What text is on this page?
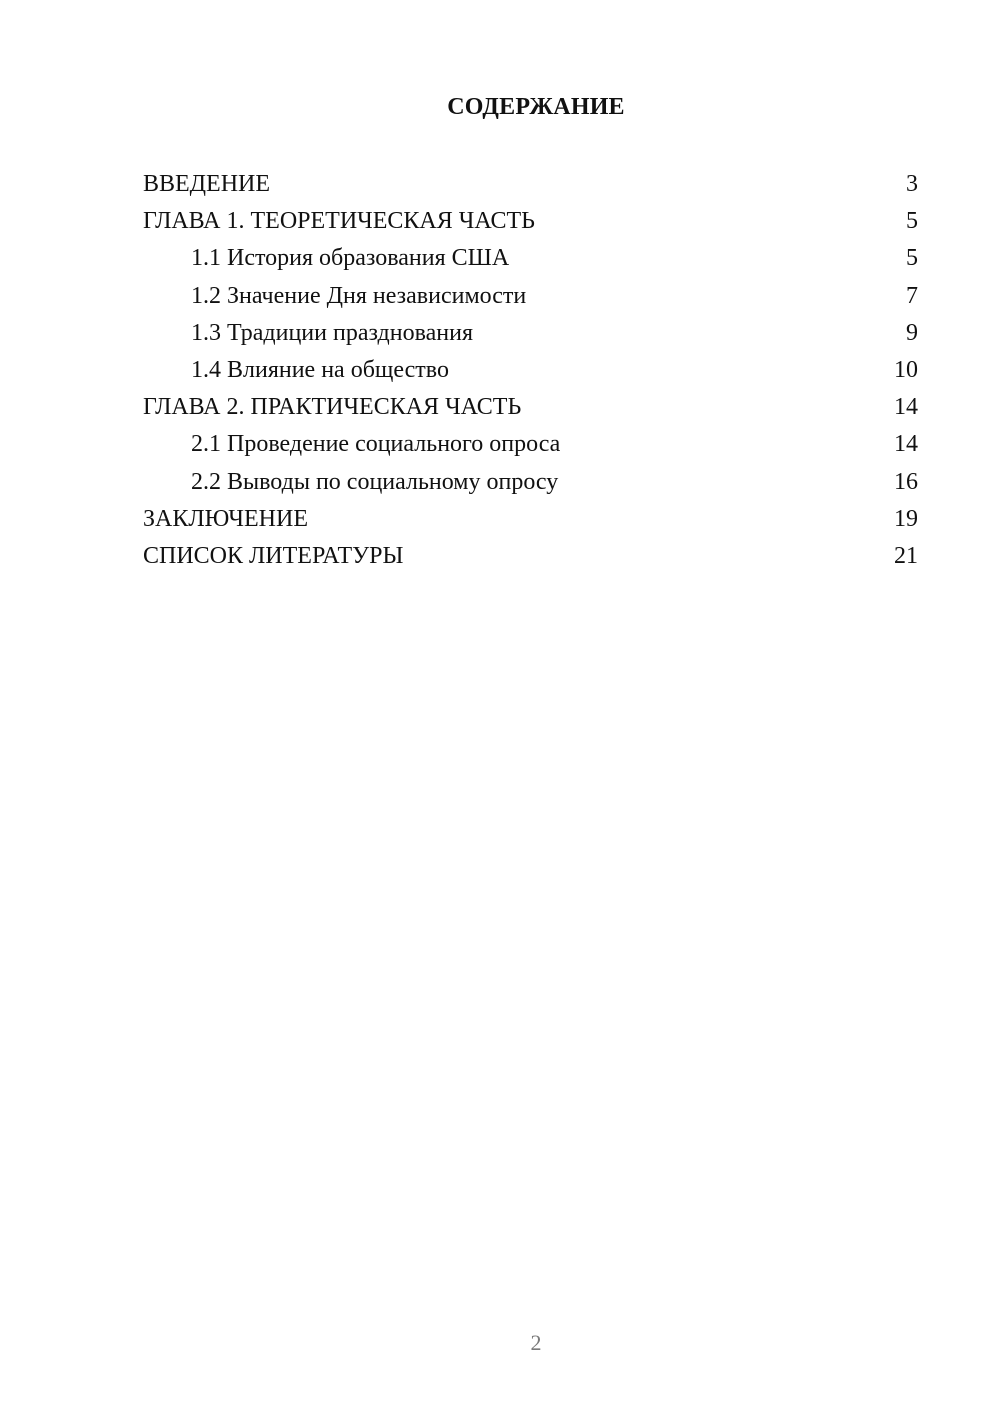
СОДЕРЖАНИЕ
ВВЕДЕНИЕ	3
ГЛАВА 1. ТЕОРЕТИЧЕСКАЯ ЧАСТЬ	5
1.1 История образования США	5
1.2 Значение Дня независимости	7
1.3 Традиции празднования	9
1.4 Влияние на общество	10
ГЛАВА 2. ПРАКТИЧЕСКАЯ ЧАСТЬ	14
2.1 Проведение социального опроса	14
2.2 Выводы по социальному опросу	16
ЗАКЛЮЧЕНИЕ	19
СПИСОК ЛИТЕРАТУРЫ	21
2
